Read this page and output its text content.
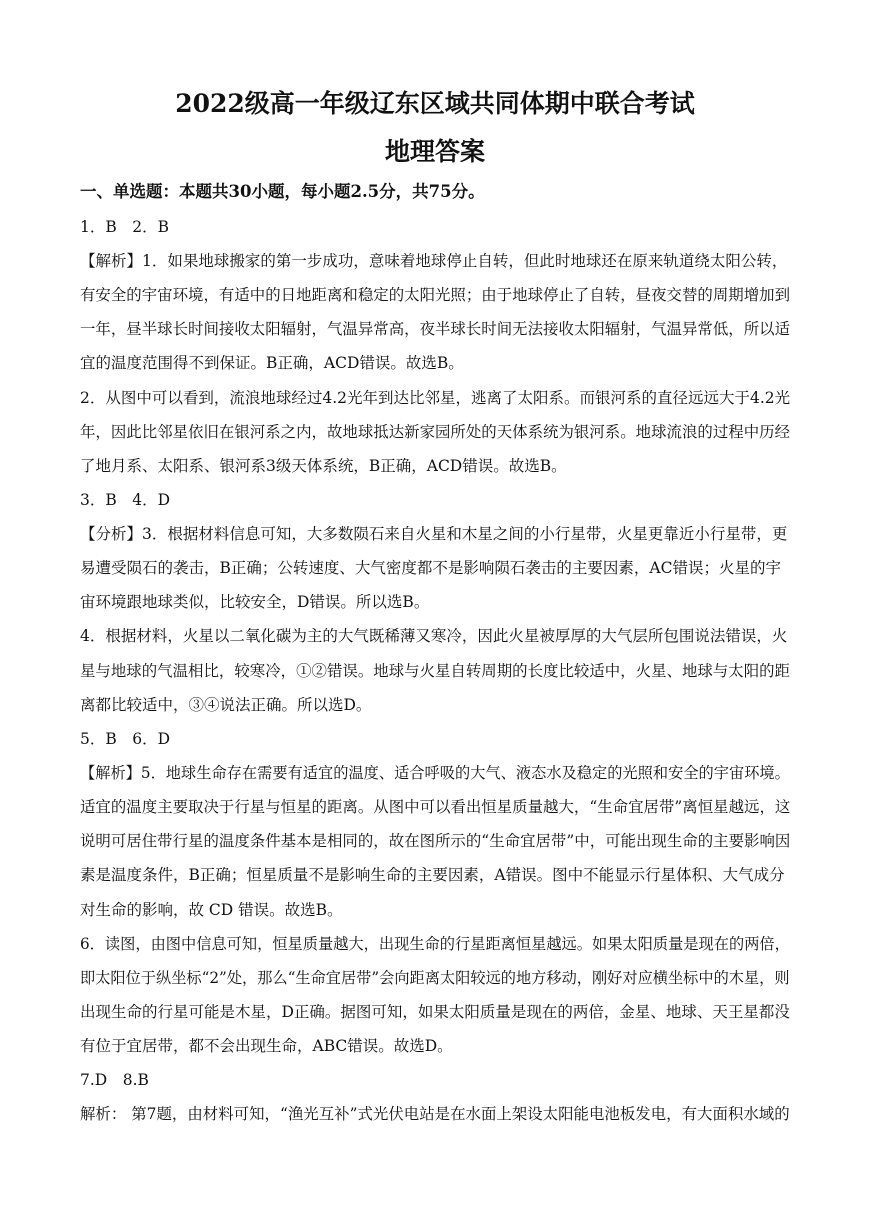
2022级高一年级辽东区域共同体期中联合考试
地理答案
一、单选题：本题共30小题，每小题2.5分，共75分。
1．B　2．B
【解析】1．如果地球搬家的第一步成功，意味着地球停止自转，但此时地球还在原来轨道绕太阳公转，
有安全的宇宙环境，有适中的日地距离和稳定的太阳光照；由于地球停止了自转，昼夜交替的周期增加到
一年，昼半球长时间接收太阳辐射，气温异常高，夜半球长时间无法接收太阳辐射，气温异常低，所以适
宜的温度范围得不到保证。B正确，ACD错误。故选B。
2．从图中可以看到，流浪地球经过4.2光年到达比邻星，逃离了太阳系。而银河系的直径远远大于4.2光
年，因此比邻星依旧在银河系之内，故地球抵达新家园所处的天体系统为银河系。地球流浪的过程中历经
了地月系、太阳系、银河系3级天体系统，B正确，ACD错误。故选B。
3．B　4．D
【分析】3．根据材料信息可知，大多数陨石来自火星和木星之间的小行星带，火星更靠近小行星带，更
易遭受陨石的袭击，B正确；公转速度、大气密度都不是影响陨石袭击的主要因素，AC错误；火星的宇
宙环境跟地球类似，比较安全，D错误。所以选B。
4．根据材料，火星以二氧化碳为主的大气既稀薄又寒冷，因此火星被厚厚的大气层所包围说法错误，火
星与地球的气温相比，较寒冷，①②错误。地球与火星自转周期的长度比较适中，火星、地球与太阳的距
离都比较适中，③④说法正确。所以选D。
5．B　6．D
【解析】5．地球生命存在需要有适宜的温度、适合呼吸的大气、液态水及稳定的光照和安全的宇宙环境。
适宜的温度主要取决于行星与恒星的距离。从图中可以看出恒星质量越大，“生命宜居带”离恒星越远，这
说明可居住带行星的温度条件基本是相同的，故在图所示的“生命宜居带”中，可能出现生命的主要影响因
素是温度条件，B正确；恒星质量不是影响生命的主要因素，A错误。图中不能显示行星体积、大气成分
对生命的影响，故 CD 错误。故选B。
6．读图，由图中信息可知，恒星质量越大，出现生命的行星距离恒星越远。如果太阳质量是现在的两倍，
即太阳位于纵坐标“2”处，那么“生命宜居带”会向距离太阳较远的地方移动，刚好对应横坐标中的木星，则
出现生命的行星可能是木星，D正确。据图可知，如果太阳质量是现在的两倍，金星、地球、天王星都没
有位于宜居带，都不会出现生命，ABC错误。故选D。
7.D　8.B
解析： 第7题，由材料可知，“渔光互补”式光伏电站是在水面上架设太阳能电池板发电，有大面积水域的
